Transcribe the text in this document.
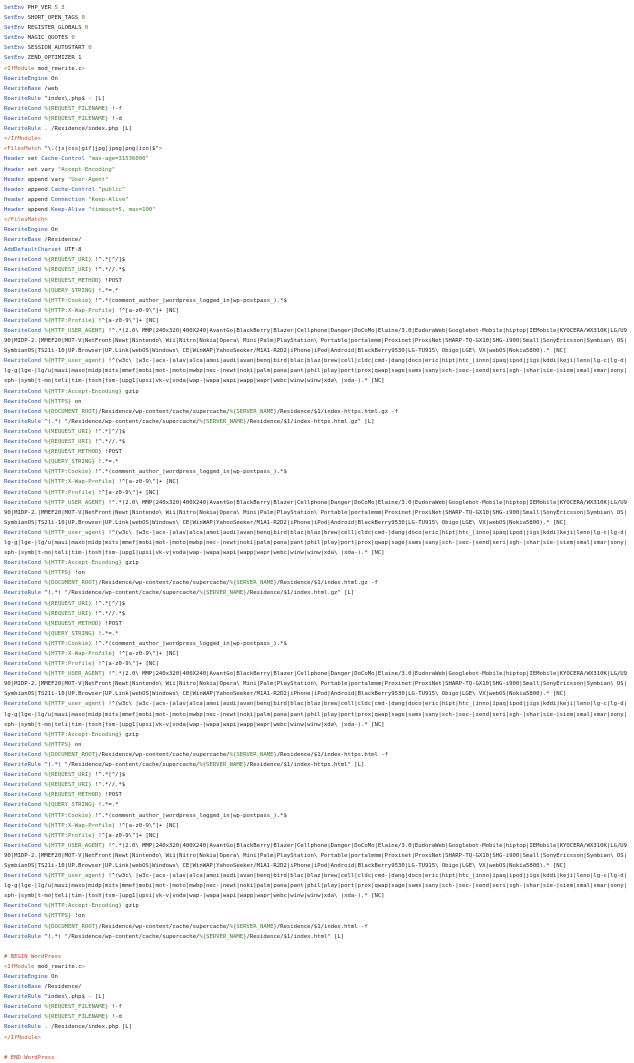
SetEnv PHP_VER 5_3
SetEnv SHORT_OPEN_TAGS 0
SetEnv REGISTER_GLOBALS 0
SetEnv MAGIC_QUOTES 0
SetEnv SESSION_AUTOSTART 0
SetEnv ZEND_OPTIMIZER 1
<IfModule mod_rewrite.c>
RewriteEngine On
RewriteBase /web
RewriteRule ^index\.php$ - [L]
RewriteCond %{REQUEST_FILENAME} !-f
RewriteCond %{REQUEST_FILENAME} !-d
RewriteRule . /Residence/index.php [L]
</IfModule>
<FilesMatch "\.(js|css|gif|jpg|jpeg|png|ico)$">
Header set Cache-Control "max-age=31536000"
Header set vary "Accept-Encoding"
Header append vary "User-Agent"
Header append Cache-Control "public"
Header append Connection "Keep-Alive"
Header append Keep-Alive "timeout=5, max=100"
</FilesMatch>
RewriteEngine On
RewriteBase /Residence/
AddDefaultCharset UTF-8
RewriteCond %{REQUEST_URI} !^.*[^/]$
RewriteCond %{REQUEST_URI} !^.*//.*$
RewriteCond %{REQUEST_METHOD} !POST
RewriteCond %{QUERY_STRING} !.*=.*
RewriteCond %{HTTP:Cookie} !^.*(comment_author_|wordpress_logged_in|wp-postpass_).*$
RewriteCond %{HTTP:X-Wap-Profile} !^[a-z0-9\"]+ [NC]
RewriteCond %{HTTP:Profile} !^[a-z0-9\"]+ [NC]
RewriteCond %{HTTP_USER_AGENT} !^.*(2.0\ MMP|240x320|400X240|AvantGo|BlackBerry|Blazer|Cellphone|Danger|DoCoMo|Elaine/3.0|EudoraWeb|Googlebot-Mobile|hiptop|IEMobile|KYOCERA/WX310K|LG/U990|MIDP-2.|MMEF20|MOT-V|NetFront|Newt|Nintendo\ Wii|Nitro|Nokia|Opera\ Mini|Palm|PlayStation\ Portable|portalmmm|Proxinet|ProxiNet|SHARP-TQ-GX10|SHG-i900|Small|SonyEricsson|Symbian\ OS|SymbianOS|TS21i-10|UP.Browser|UP.Link|webOS|Windows\ CE|WinWAP|YahooSeeker/M1A1-R2D2|iPhone|iPod|Android|BlackBerry9530|LG-TU915\ Obigo|LGE\ VX|webOS|Nokia5800).* [NC]
RewriteCond %{HTTP_user_agent} !^(w3c\ |w3c-|acs-|alav|alca|amoi|audi|avan|benq|bird|blac|blaz|brew|cell|cldc|cmd-|dang|doco|eric|hipt|htc_|inno|ipaq|ipod|jigs|kddi|keji|leno|lg-c|lg-d|lg-g|lge-|lg/u|maui|maxo|midp|mits|mmef|mobi|mot-|moto|mwbp|nec-|newt|noki|palm|pana|pant|phil|play|port|prox|qwap|sage|sams|sany|sch-|sec-|send|seri|sgh-|shar|sie-|siem|smal|smar|sony|sph-|symb|t-mo|teli|tim-|tosh|tsm-|upg1|upsi|vk-v|voda|wap-|wapa|wapi|wapp|wapr|webc|winw|winw|xda\ |xda-).* [NC]
RewriteCond %{HTTP:Accept-Encoding} gzip
RewriteCond %{HTTPS} on
RewriteCond %{DOCUMENT_ROOT}/Residence/wp-content/cache/supercache/%{SERVER_NAME}/Residence/$1/index-https.html.gz -f
RewriteRule ^(.*) "/Residence/wp-content/cache/supercache/%{SERVER_NAME}/Residence/$1/index-https.html.gz" [L]
RewriteCond %{REQUEST_URI} !^.*[^/]$
RewriteCond %{REQUEST_URI} !^.*//.*$
RewriteCond %{REQUEST_METHOD} !POST
RewriteCond %{QUERY_STRING} !.*=.*
RewriteCond %{HTTP:Cookie} !^.*(comment_author_|wordpress_logged_in|wp-postpass_).*$
RewriteCond %{HTTP:X-Wap-Profile} !^[a-z0-9\"]+ [NC]
RewriteCond %{HTTP:Profile} !^[a-z0-9\"]+ [NC]
RewriteCond %{HTTP_USER_AGENT} !^.*(2.0\ MMP|240x320|400X240|AvantGo|BlackBerry|Blazer|Cellphone|Danger|DoCoMo|Elaine/3.0|EudoraWeb|Googlebot-Mobile|hiptop|IEMobile|KYOCERA/WX310K|LG/U990|MIDP-2.|MMEF20|MOT-V|NetFront|Newt|Nintendo\ Wii|Nitro|Nokia|Opera\ Mini|Palm|PlayStation\ Portable|portalmmm|Proxinet|ProxiNet|SHARP-TQ-GX10|SHG-i900|Small|SonyEricsson|Symbian\ OS|SymbianOS|TS21i-10|UP.Browser|UP.Link|webOS|Windows\ CE|WinWAP|YahooSeeker/M1A1-R2D2|iPhone|iPod|Android|BlackBerry9530|LG-TU915\ Obigo|LGE\ VX|webOS|Nokia5800).* [NC]
RewriteCond %{HTTP_user_agent} !^(w3c\ |w3c-|acs-|alav|alca|amoi|audi|avan|benq|bird|blac|blaz|brew|cell|cldc|cmd-|dang|doco|eric|hipt|htc_|inno|ipaq|ipod|jigs|kddi|keji|leno|lg-c|lg-d|lg-g|lge-|lg/u|maui|maxo|midp|mits|mmef|mobi|mot-|moto|mwbp|nec-|newt|noki|palm|pana|pant|phil|play|port|prox|qwap|sage|sams|sany|sch-|sec-|send|seri|sgh-|shar|sie-|siem|smal|smar|sony|sph-|symb|t-mo|teli|tim-|tosh|tsm-|upg1|upsi|vk-v|voda|wap-|wapa|wapi|wapp|wapr|webc|winw|winw|xda\ |xda-).* [NC]
RewriteCond %{HTTP:Accept-Encoding} gzip
RewriteCond %{HTTPS} !on
RewriteCond %{DOCUMENT_ROOT}/Residence/wp-content/cache/supercache/%{SERVER_NAME}/Residence/$1/index.html.gz -f
RewriteRule ^(.*) "/Residence/wp-content/cache/supercache/%{SERVER_NAME}/Residence/$1/index.html.gz" [L]
RewriteCond %{REQUEST_URI} !^.*[^/]$
RewriteCond %{REQUEST_URI} !^.*//.*$
RewriteCond %{REQUEST_METHOD} !POST
RewriteCond %{QUERY_STRING} !.*=.*
RewriteCond %{HTTP:Cookie} !^.*(comment_author_|wordpress_logged_in|wp-postpass_).*$
RewriteCond %{HTTP:X-Wap-Profile} !^[a-z0-9\"]+ [NC]
RewriteCond %{HTTP:Profile} !^[a-z0-9\"]+ [NC]
RewriteCond %{HTTP_USER_AGENT} !^.*(2.0\ MMP|240x320|400X240|AvantGo|BlackBerry|Blazer|Cellphone|Danger|DoCoMo|Elaine/3.0|EudoraWeb|Googlebot-Mobile|hiptop|IEMobile|KYOCERA/WX310K|LG/U990|MIDP-2.|MMEF20|MOT-V|NetFront|Newt|Nintendo\ Wii|Nitro|Nokia|Opera\ Mini|Palm|PlayStation\ Portable|portalmmm|Proxinet|ProxiNet|SHARP-TQ-GX10|SHG-i900|Small|SonyEricsson|Symbian\ OS|SymbianOS|TS21i-10|UP.Browser|UP.Link|webOS|Windows\ CE|WinWAP|YahooSeeker/M1A1-R2D2|iPhone|iPod|Android|BlackBerry9530|LG-TU915\ Obigo|LGE\ VX|webOS|Nokia5800).* [NC]
RewriteCond %{HTTP_user_agent} !^(w3c\ |w3c-|acs-|alav|alca|amoi|audi|avan|benq|bird|blac|blaz|brew|cell|cldc|cmd-|dang|doco|eric|hipt|htc_|inno|ipaq|ipod|jigs|kddi|keji|leno|lg-c|lg-d|lg-g|lge-|lg/u|maui|maxo|midp|mits|mmef|mobi|mot-|moto|mwbp|nec-|newt|noki|palm|pana|pant|phil|play|port|prox|qwap|sage|sams|sany|sch-|sec-|send|seri|sgh-|shar|sie-|siem|smal|smar|sony|sph-|symb|t-mo|teli|tim-|tosh|tsm-|upg1|upsi|vk-v|voda|wap-|wapa|wapi|wapp|wapr|webc|winw|winw|xda\ |xda-).* [NC]
RewriteCond %{HTTP:Accept-Encoding} gzip
RewriteCond %{HTTPS} on
RewriteCond %{DOCUMENT_ROOT}/Residence/wp-content/cache/supercache/%{SERVER_NAME}/Residence/$1/index-https.html -f
RewriteRule ^(.*) "/Residence/wp-content/cache/supercache/%{SERVER_NAME}/Residence/$1/index-https.html" [L]
RewriteCond %{REQUEST_URI} !^.*[^/]$
RewriteCond %{REQUEST_URI} !^.*//.*$
RewriteCond %{REQUEST_METHOD} !POST
RewriteCond %{QUERY_STRING} !.*=.*
RewriteCond %{HTTP:Cookie} !^.*(comment_author_|wordpress_logged_in|wp-postpass_).*$
RewriteCond %{HTTP:X-Wap-Profile} !^[a-z0-9\"]+ [NC]
RewriteCond %{HTTP:Profile} !^[a-z0-9\"]+ [NC]
RewriteCond %{HTTP_USER_AGENT} !^.*(2.0\ MMP|240x320|400X240|AvantGo|BlackBerry|Blazer|Cellphone|Danger|DoCoMo|Elaine/3.0|EudoraWeb|Googlebot-Mobile|hiptop|IEMobile|KYOCERA/WX310K|LG/U990|MIDP-2.|MMEF20|MOT-V|NetFront|Newt|Nintendo\ Wii|Nitro|Nokia|Opera\ Mini|Palm|PlayStation\ Portable|portalmmm|Proxinet|ProxiNet|SHARP-TQ-GX10|SHG-i900|Small|SonyEricsson|Symbian\ OS|SymbianOS|TS21i-10|UP.Browser|UP.Link|webOS|Windows\ CE|WinWAP|YahooSeeker/M1A1-R2D2|iPhone|iPod|Android|BlackBerry9530|LG-TU915\ Obigo|LGE\ VX|webOS|Nokia5800).* [NC]
RewriteCond %{HTTP_user_agent} !^(w3c\ |w3c-|acs-|alav|alca|amoi|audi|avan|benq|bird|blac|blaz|brew|cell|cldc|cmd-|dang|doco|eric|hipt|htc_|inno|ipaq|ipod|jigs|kddi|keji|leno|lg-c|lg-d|lg-g|lge-|lg/u|maui|maxo|midp|mits|mmef|mobi|mot-|moto|mwbp|nec-|newt|noki|palm|pana|pant|phil|play|port|prox|qwap|sage|sams|sany|sch-|sec-|send|seri|sgh-|shar|sie-|siem|smal|smar|sony|sph-|symb|t-mo|teli|tim-|tosh|tsm-|upg1|upsi|vk-v|voda|wap-|wapa|wapi|wapp|wapr|webc|winw|winw|xda\ |xda-).* [NC]
RewriteCond %{HTTP:Accept-Encoding} gzip
RewriteCond %{HTTPS} !on
RewriteCond %{DOCUMENT_ROOT}/Residence/wp-content/cache/supercache/%{SERVER_NAME}/Residence/$1/index.html -f
RewriteRule ^(.*) "/Residence/wp-content/cache/supercache/%{SERVER_NAME}/Residence/$1/index.html" [L]
# BEGIN WordPress
<IfModule mod_rewrite.c>
RewriteEngine On
RewriteBase /Residence/
RewriteRule ^index\.php$ - [L]
RewriteCond %{REQUEST_FILENAME} !-f
RewriteCond %{REQUEST_FILENAME} !-d
RewriteRule . /Residence/index.php [L]
</IfModule>
# END WordPress
